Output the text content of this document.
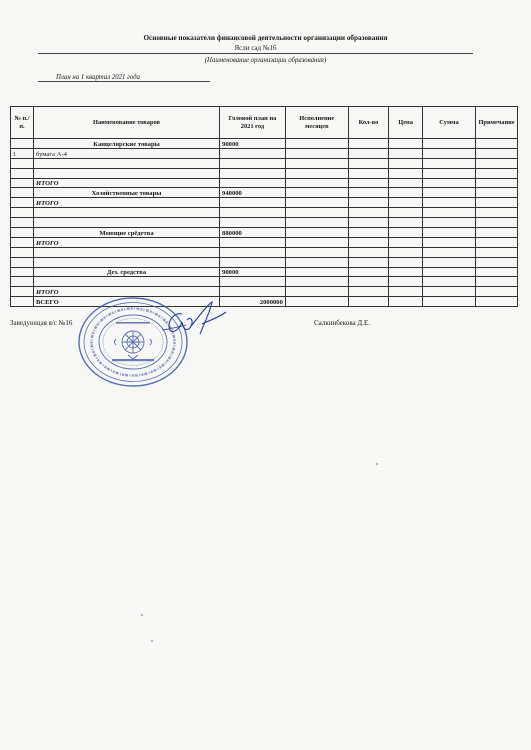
Основные показатели финансовой деятельности организации образования
Ясли сад №16
(Наименование организации образования)
План на 1 квартал 2021 года
№ п./п.	Наименование товаров	Головой план на 2021 год	Исполнение месяцев	Кол-во	Цена	Сумма	Примечание
	Канцелярские товары	90000					
1	бумага А-4						

	ИТОГО						
	Хозяйственные товары	940000					
	ИТОГО						

	Моющие срёдетва	880000					
	ИТОГО						

	Дез. средства	90000					

	ИТОГО						
	ВСЕГО	2000000					
Заведующая я/с №16	Салкинбекова Д.Е.
